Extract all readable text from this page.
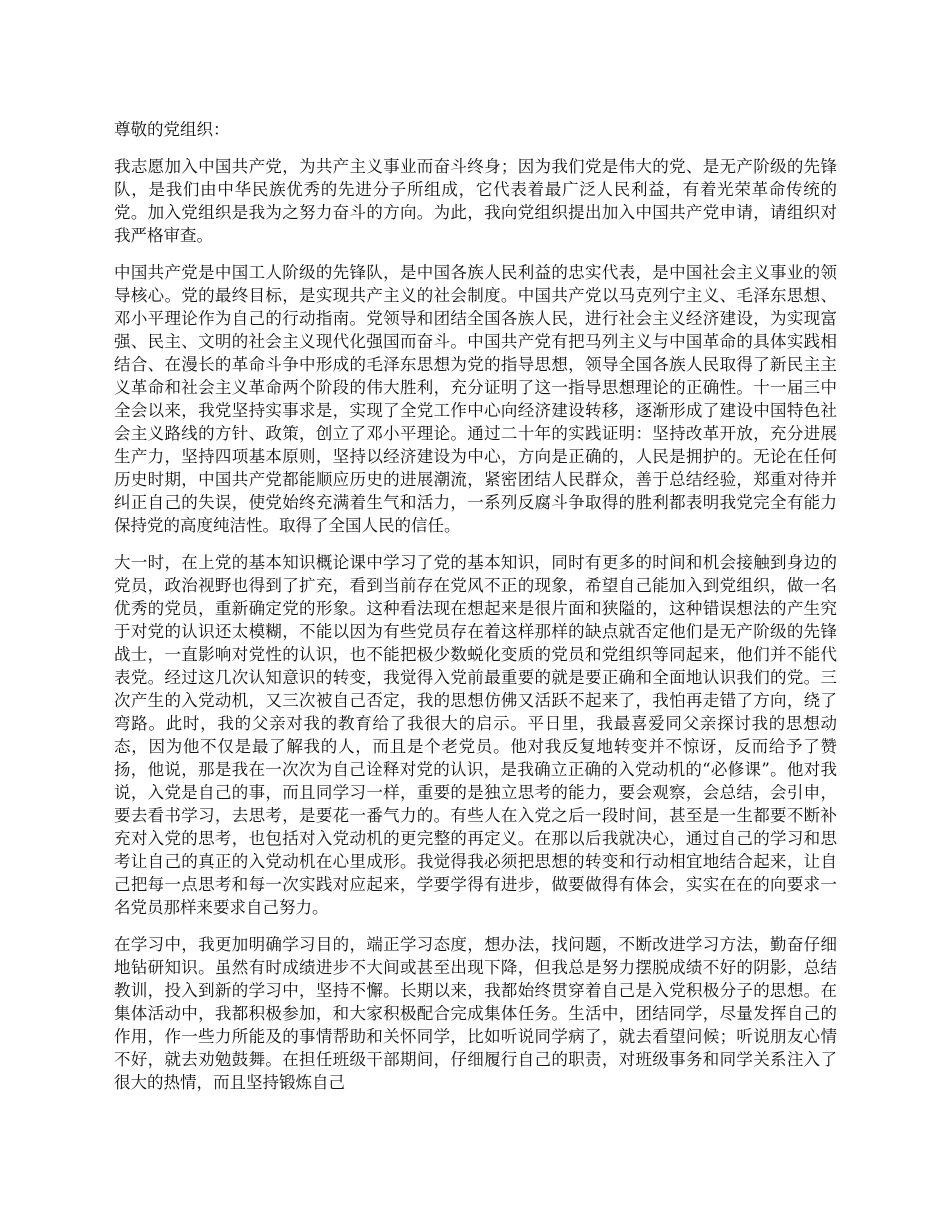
尊敬的党组织：

我志愿加入中国共产党，为共产主义事业而奋斗终身；因为我们党是伟大的党、是无产阶级的先锋队，是我们由中华民族优秀的先进分子所组成，它代表着最广泛人民利益，有着光荣革命传统的党。加入党组织是我为之努力奋斗的方向。为此，我向党组织提出加入中国共产党申请，请组织对我严格审查。

中国共产党是中国工人阶级的先锋队，是中国各族人民利益的忠实代表，是中国社会主义事业的领导核心。党的最终目标，是实现共产主义的社会制度。中国共产党以马克列宁主义、毛泽东思想、邓小平理论作为自己的行动指南。党领导和团结全国各族人民，进行社会主义经济建设，为实现富强、民主、文明的社会主义现代化强国而奋斗。中国共产党有把马列主义与中国革命的具体实践相结合、在漫长的革命斗争中形成的毛泽东思想为党的指导思想，领导全国各族人民取得了新民主主义革命和社会主义革命两个阶段的伟大胜利，充分证明了这一指导思想理论的正确性。十一届三中全会以来，我党坚持实事求是，实现了全党工作中心向经济建设转移，逐渐形成了建设中国特色社会主义路线的方针、政策，创立了邓小平理论。通过二十年的实践证明：坚持改革开放，充分进展生产力，坚持四项基本原则，坚持以经济建设为中心，方向是正确的，人民是拥护的。无论在任何历史时期，中国共产党都能顺应历史的进展潮流，紧密团结人民群众，善于总结经验，郑重对待并纠正自己的失误，使党始终充满着生气和活力，一系列反腐斗争取得的胜利都表明我党完全有能力保持党的高度纯洁性。取得了全国人民的信任。

大一时，在上党的基本知识概论课中学习了党的基本知识，同时有更多的时间和机会接触到身边的党员，政治视野也得到了扩充，看到当前存在党风不正的现象，希望自己能加入到党组织，做一名优秀的党员，重新确定党的形象。这种看法现在想起来是很片面和狭隘的，这种错误想法的产生究于对党的认识还太模糊，不能以因为有些党员存在着这样那样的缺点就否定他们是无产阶级的先锋战士，一直影响对党性的认识，也不能把极少数蜕化变质的党员和党组织等同起来，他们并不能代表党。经过这几次认知意识的转变，我觉得入党前最重要的就是要正确和全面地认识我们的党。三次产生的入党动机，又三次被自己否定，我的思想仿佛又活跃不起来了，我怕再走错了方向，绕了弯路。此时，我的父亲对我的教育给了我很大的启示。平日里，我最喜爱同父亲探讨我的思想动态，因为他不仅是最了解我的人，而且是个老党员。他对我反复地转变并不惊讶，反而给予了赞扬，他说，那是我在一次次为自己诠释对党的认识，是我确立正确的入党动机的“必修课”。他对我说，入党是自己的事，而且同学习一样，重要的是独立思考的能力，要会观察，会总结，会引申，要去看书学习，去思考，是要花一番气力的。有些人在入党之后一段时间，甚至是一生都要不断补充对入党的思考，也包括对入党动机的更完整的再定义。在那以后我就决心，通过自己的学习和思考让自己的真正的入党动机在心里成形。我觉得我必须把思想的转变和行动相宜地结合起来，让自己把每一点思考和每一次实践对应起来，学要学得有进步，做要做得有体会，实实在在的向要求一名党员那样来要求自己努力。

在学习中，我更加明确学习目的，端正学习态度，想办法，找问题，不断改进学习方法，勤奋仔细地钻研知识。虽然有时成绩进步不大间或甚至出现下降，但我总是努力摆脱成绩不好的阴影，总结教训，投入到新的学习中，坚持不懈。长期以来，我都始终贯穿着自己是入党积极分子的思想。在集体活动中，我都积极参加，和大家积极配合完成集体任务。生活中，团结同学，尽量发挥自己的作用，作一些力所能及的事情帮助和关怀同学，比如听说同学病了，就去看望问候；听说朋友心情不好，就去劝勉鼓舞。在担任班级干部期间，仔细履行自己的职责，对班级事务和同学关系注入了很大的热情，而且坚持锻炼自己
